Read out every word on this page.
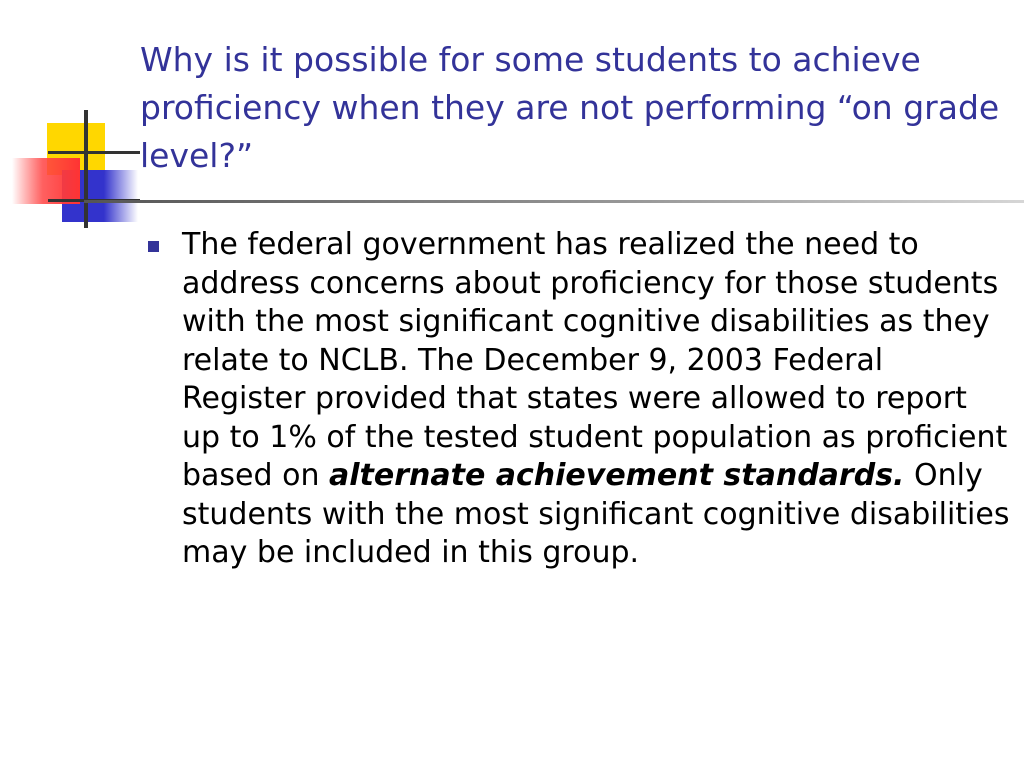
Why is it possible for some students to achieve proficiency when they are not performing “on grade level?”
The federal government has realized the need to address concerns about proficiency for those students with the most significant cognitive disabilities as they relate to NCLB. The December 9, 2003 Federal Register provided that states were allowed to report up to 1% of the tested student population as proficient based on alternate achievement standards. Only students with the most significant cognitive disabilities may be included in this group.
